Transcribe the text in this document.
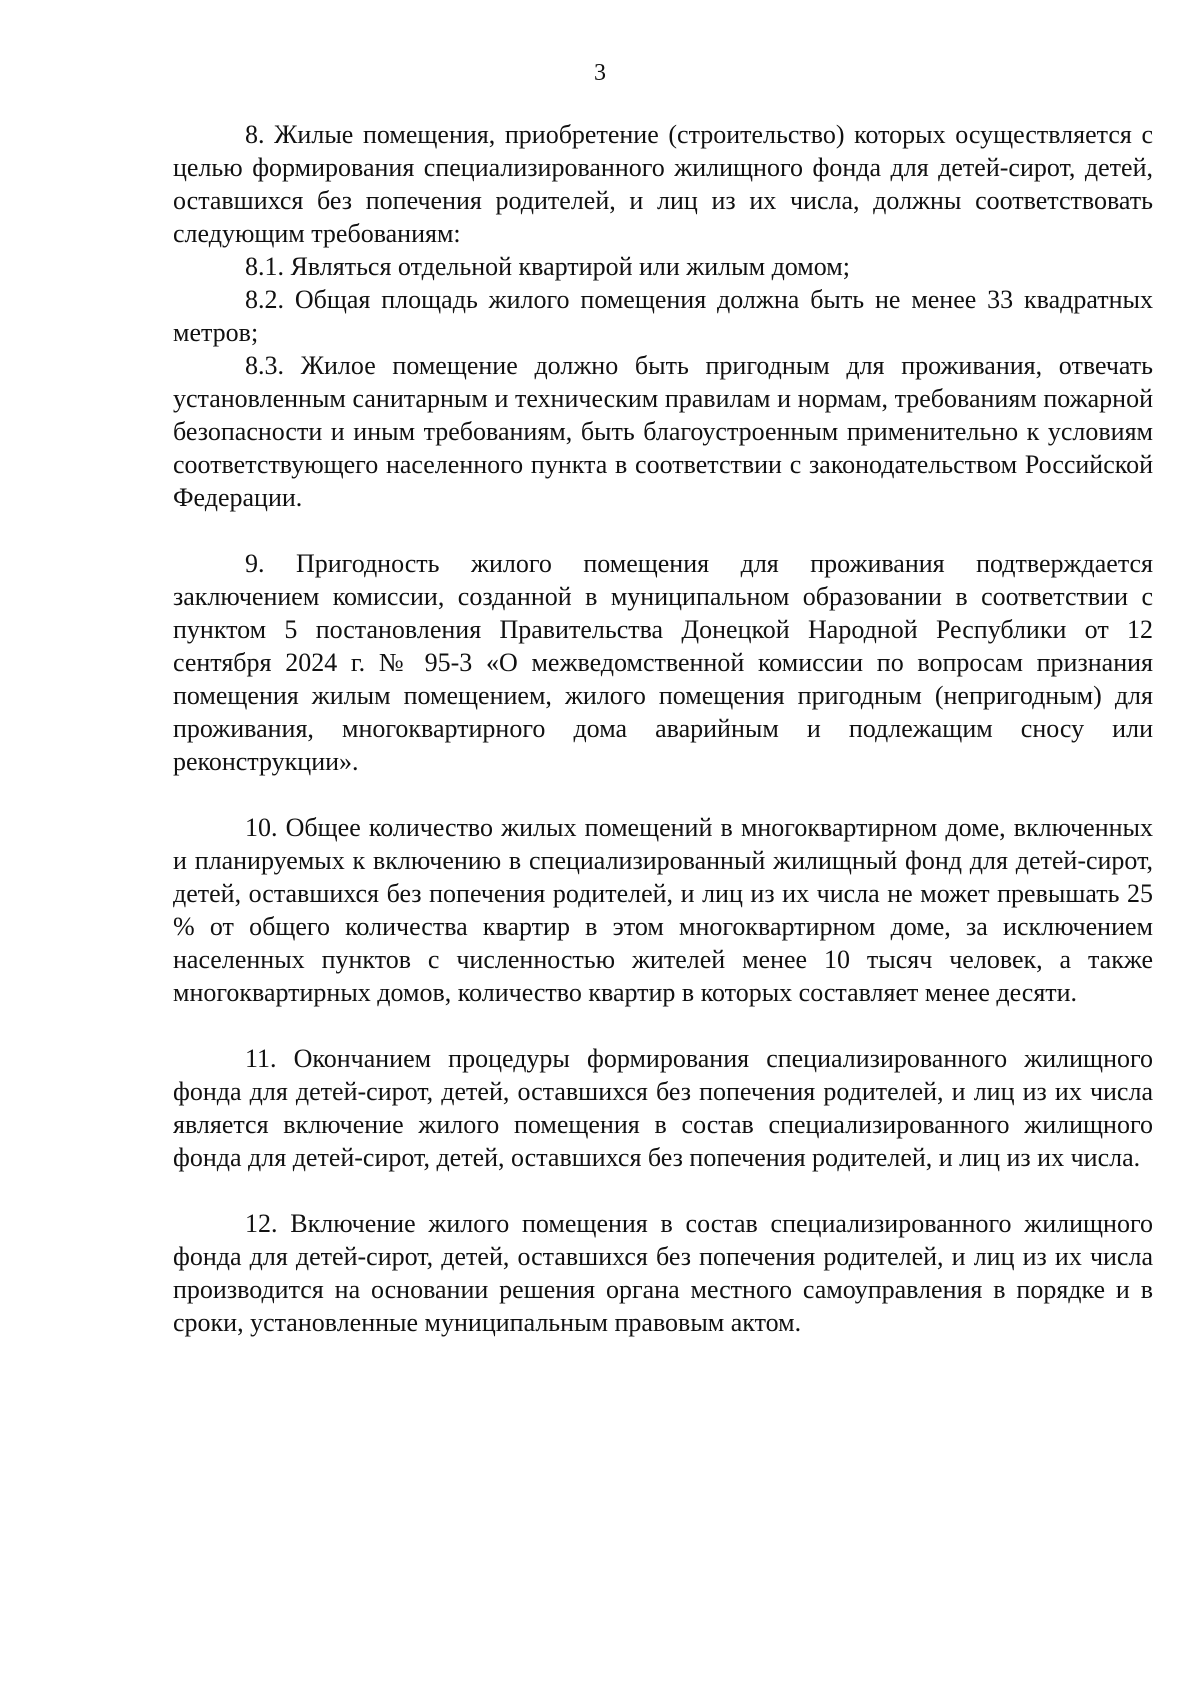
3

8. Жилые помещения, приобретение (строительство) которых осуществляется с целью формирования специализированного жилищного фонда для детей-сирот, детей, оставшихся без попечения родителей, и лиц из их числа, должны соответствовать следующим требованиям:

8.1. Являться отдельной квартирой или жилым домом;

8.2. Общая площадь жилого помещения должна быть не менее 33 квадратных метров;

8.3. Жилое помещение должно быть пригодным для проживания, отвечать установленным санитарным и техническим правилам и нормам, требованиям пожарной безопасности и иным требованиям, быть благоустроенным применительно к условиям соответствующего населенного пункта в соответствии с законодательством Российской Федерации.

9. Пригодность жилого помещения для проживания подтверждается заключением комиссии, созданной в муниципальном образовании в соответствии с пунктом 5 постановления Правительства Донецкой Народной Республики от 12 сентября 2024 г. № 95-3 «О межведомственной комиссии по вопросам признания помещения жилым помещением, жилого помещения пригодным (непригодным) для проживания, многоквартирного дома аварийным и подлежащим сносу или реконструкции».

10. Общее количество жилых помещений в многоквартирном доме, включенных и планируемых к включению в специализированный жилищный фонд для детей-сирот, детей, оставшихся без попечения родителей, и лиц из их числа не может превышать 25 % от общего количества квартир в этом многоквартирном доме, за исключением населенных пунктов с численностью жителей менее 10 тысяч человек, а также многоквартирных домов, количество квартир в которых составляет менее десяти.

11. Окончанием процедуры формирования специализированного жилищного фонда для детей-сирот, детей, оставшихся без попечения родителей, и лиц из их числа является включение жилого помещения в состав специализированного жилищного фонда для детей-сирот, детей, оставшихся без попечения родителей, и лиц из их числа.

12. Включение жилого помещения в состав специализированного жилищного фонда для детей-сирот, детей, оставшихся без попечения родителей, и лиц из их числа производится на основании решения органа местного самоуправления в порядке и в сроки, установленные муниципальным правовым актом.
